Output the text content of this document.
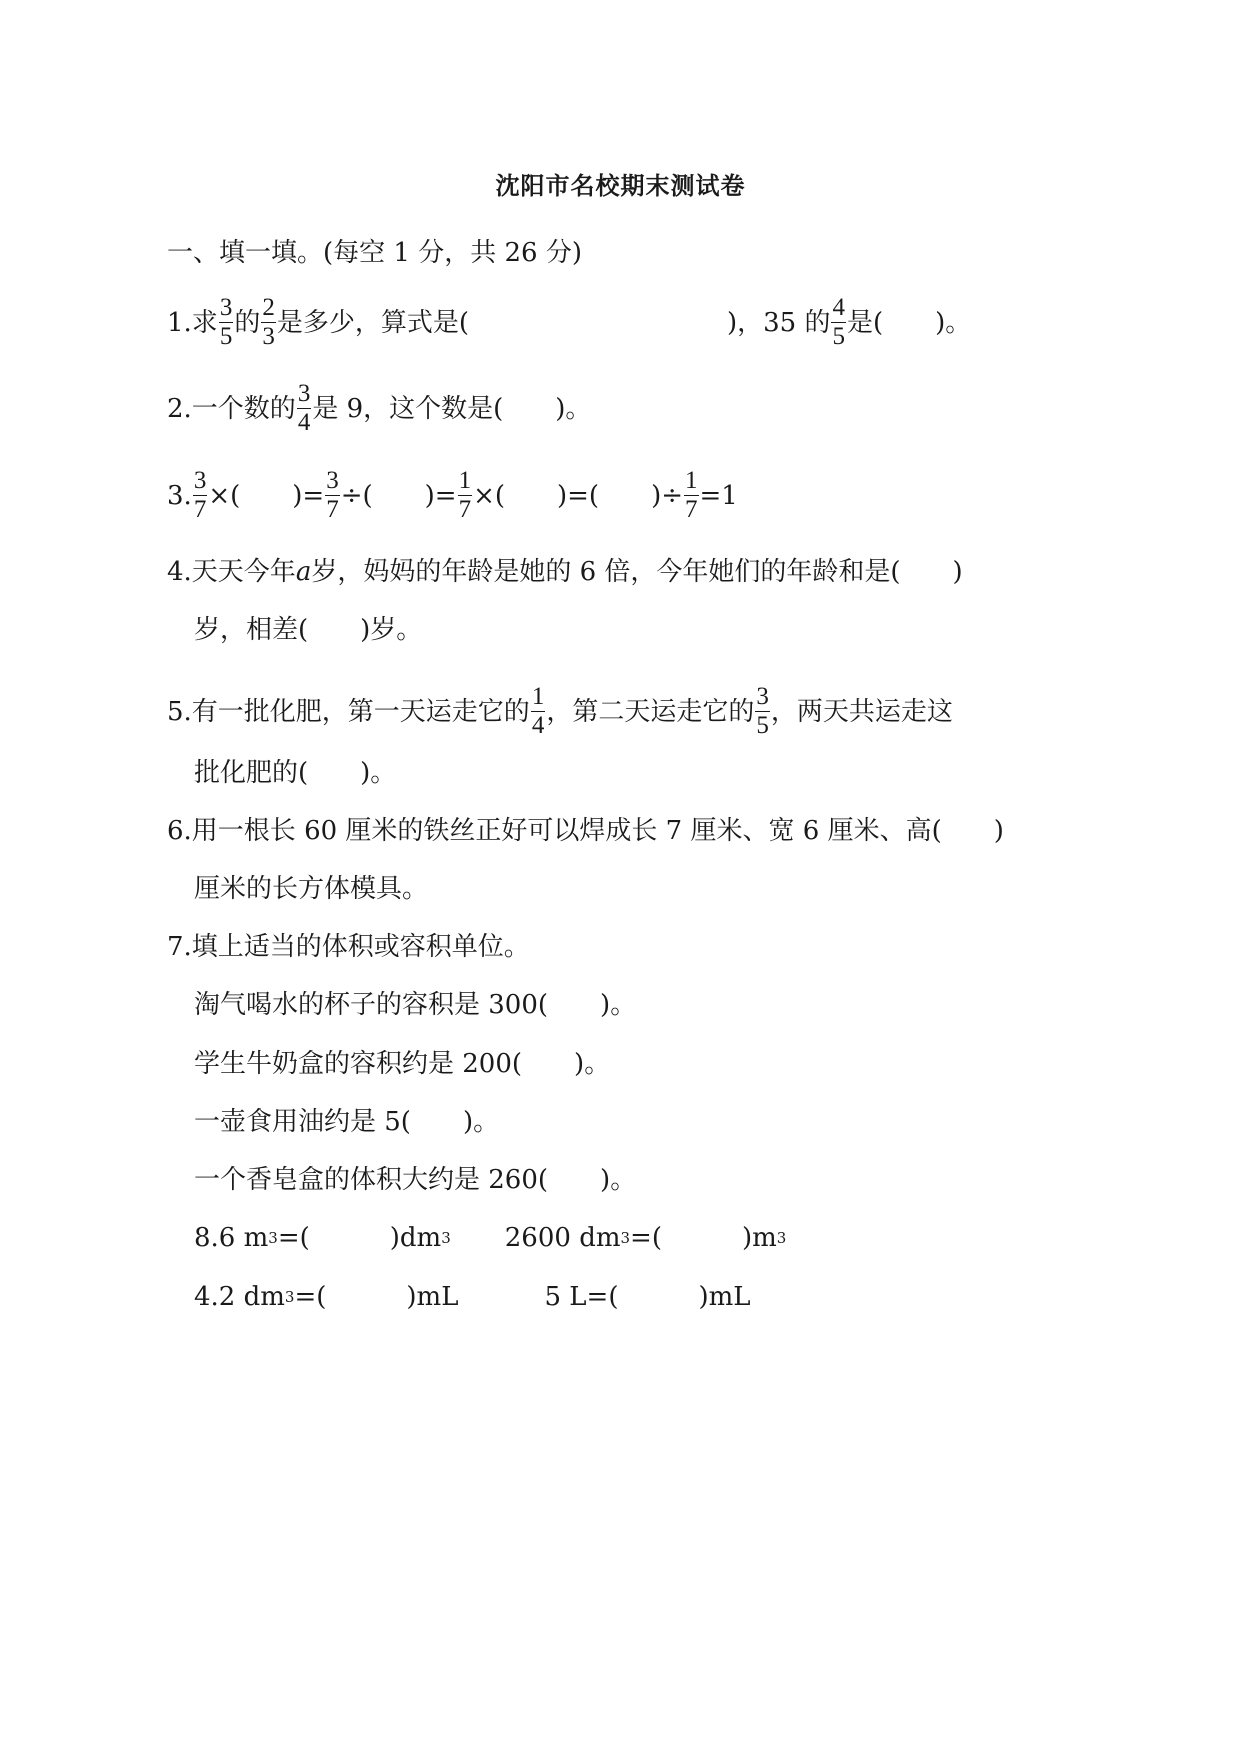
沈阳市名校期末测试卷
一、填一填。(每空 1 分，共 26 分)
1.求 $\frac{3}{5}$ 的 $\frac{2}{3}$ 是多少，算式是(	)，35 的 $\frac{4}{5}$ 是( )。
2.一个数的 $\frac{3}{4}$ 是 9，这个数是( )。
3. $\frac{3}{7}$ ×( )= $\frac{3}{7}$ ÷( )= $\frac{1}{7}$ ×( )=( )÷ $\frac{1}{7} =1$
4.天天今年 a 岁，妈妈的年龄是她的 6 倍，今年她们的年龄和是( )
岁，相差( )岁。
5.有一批化肥，第一天运走它的 $\frac{1}{4}$ ，第二天运走它的 $\frac{3}{5}$ ，两天共运走这
批化肥的( )。
6.用一根长 60 厘米的铁丝正好可以焊成长 7 厘米、宽 6 厘米、高( )
厘米的长方体模具。
7.填上适当的体积或容积单位。
淘气喝水的杯子的容积是 300( )。
学生牛奶盒的容积约是 200( )。
一壶食用油约是 5( )。
一个香皂盒的体积大约是 260( )。
8.6 m 3 =(	)dm 3 2600 dm 3 =(	)m 3
4.2 dm 3 =(	)mL	5 L=(	)mL
